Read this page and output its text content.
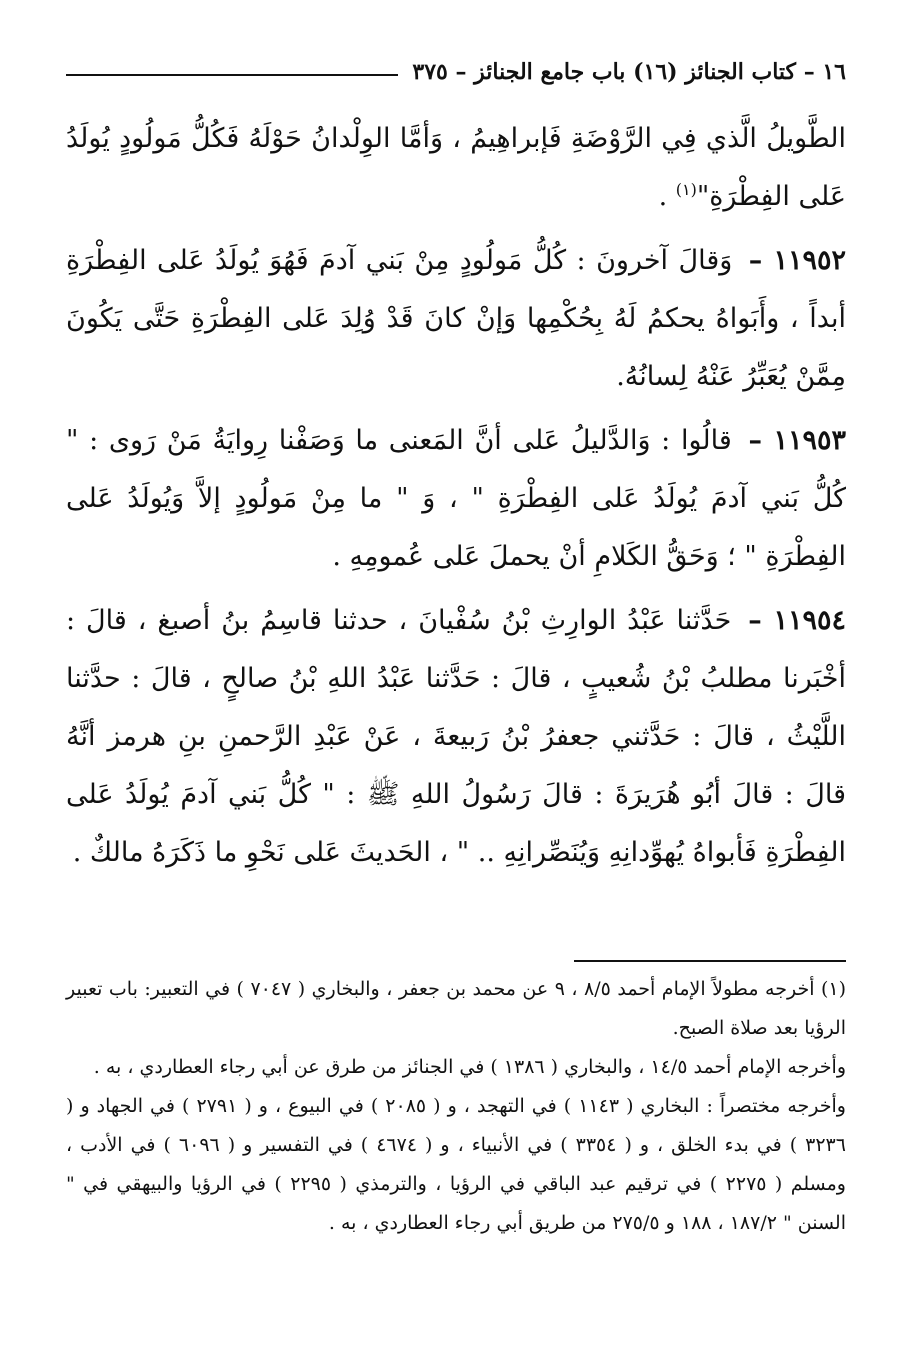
١٦ – كتاب الجنائز (١٦) باب جامع الجنائز – ٣٧٥

الطَّويلُ الَّذي فِي الرَّوْضَةِ فَإبراهِيمُ ، وَأمَّا الوِلْدانُ حَوْلَهُ فَكُلُّ مَولُودٍ يُولَدُ عَلى الفِطْرَةِ"$^{(١)}$ .

١١٩٥٢ – وَقالَ آخرونَ : كُلُّ مَولُودٍ مِنْ بَني آدمَ فَهُوَ يُولَدُ عَلى الفِطْرَةِ أبداً ، وأَبَواهُ يحكمُ لَهُ بِحُكْمِها وَإنْ كانَ قَدْ وُلِدَ عَلى الفِطْرَةِ حَتَّى يَكُونَ مِمَّنْ يُعَبِّرُ عَنْهُ لِسانُهُ.

١١٩٥٣ – قالُوا : وَالدَّليلُ عَلى أنَّ المَعنى ما وَصَفْنا رِوايَةُ مَنْ رَوى : " كُلُّ بَني آدمَ يُولَدُ عَلى الفِطْرَةِ " ، وَ " ما مِنْ مَولُودٍ إلاَّ وَيُولَدُ عَلى الفِطْرَةِ " ؛ وَحَقُّ الكَلامِ أنْ يحملَ عَلى عُمومِهِ .

١١٩٥٤ – حَدَّثنا عَبْدُ الوارِثِ بْنُ سُفْيانَ ، حدثنا قاسِمُ بنُ أصبغ ، قالَ : أخْبَرنا مطلبُ بْنُ شُعيبٍ ، قالَ : حَدَّثنا عَبْدُ اللهِ بْنُ صالحٍ ، قالَ : حدَّثنا اللَّيْثُ ، قالَ : حَدَّثني جعفرُ بْنُ رَبيعةَ ، عَنْ عَبْدِ الرَّحمنِ بنِ هرمز أنَّهُ قالَ : قالَ أبُو هُرَيرَةَ : قالَ رَسُولُ اللهِ ﷺ : " كُلُّ بَني آدمَ يُولَدُ عَلى الفِطْرَةِ فَأبواهُ يُهوِّدانِهِ وَيُنَصِّرانِهِ .. " ، الحَديثَ عَلى نَحْوِ ما ذَكَرَهُ مالكٌ .

(١) أخرجه مطولاً الإمام أحمد ٨/٥ ، ٩ عن محمد بن جعفر ، والبخاري ( ٧٠٤٧ ) في التعبير: باب تعبير الرؤيا بعد صلاة الصبح.

وأخرجه الإمام أحمد ١٤/٥ ، والبخاري ( ١٣٨٦ ) في الجنائز من طرق عن أبي رجاء العطاردي ، به .

وأخرجه مختصراً : البخاري ( ١١٤٣ ) في التهجد ، و ( ٢٠٨٥ ) في البيوع ، و ( ٢٧٩١ ) في الجهاد و ( ٣٢٣٦ ) في بدء الخلق ، و ( ٣٣٥٤ ) في الأنبياء ، و ( ٤٦٧٤ ) في التفسير و ( ٦٠٩٦ ) في الأدب ، ومسلم ( ٢٢٧٥ ) في ترقيم عبد الباقي في الرؤيا ، والترمذي ( ٢٢٩٥ ) في الرؤيا والبيهقي في " السنن " ١٨٧/٢ ، ١٨٨ و ٢٧٥/٥ من طريق أبي رجاء العطاردي ، به .
